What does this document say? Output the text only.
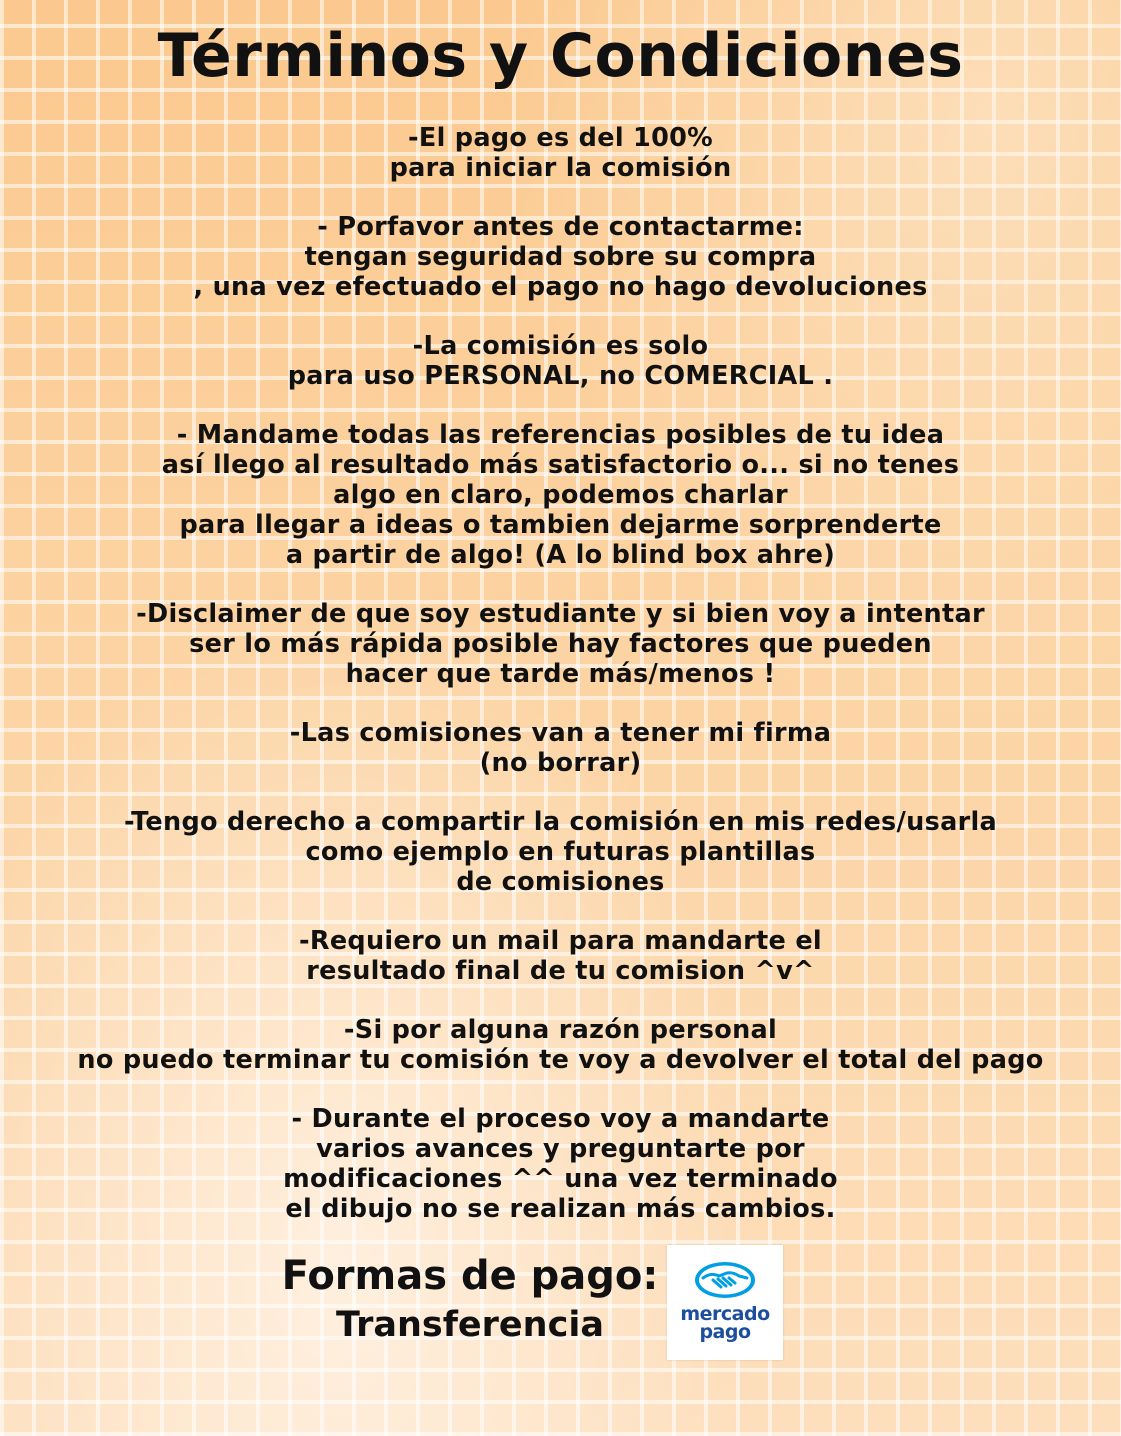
Términos y Condiciones
-El pago es del 100%
para iniciar la comisión
- Porfavor antes de contactarme:
tengan seguridad sobre su compra
, una vez efectuado el pago no hago devoluciones
-La comisión es solo
para uso PERSONAL, no COMERCIAL .
- Mandame todas las referencias posibles de tu idea
así llego al resultado más satisfactorio o... si no tenes
algo en claro, podemos charlar
para llegar a ideas o tambien dejarme sorprenderte
a partir de algo! (A lo blind box ahre)
-Disclaimer de que soy estudiante y si bien voy a intentar
ser lo más rápida posible hay factores que pueden
hacer que tarde más/menos !
-Las comisiones van a tener mi firma
(no borrar)
-Tengo derecho a compartir la comisión en mis redes/usarla
como ejemplo en futuras plantillas
de comisiones
-Requiero un mail para mandarte el
resultado final de tu comision ^v^
-Si por alguna razón personal
no puedo terminar tu comisión te voy a devolver el total del pago
- Durante el proceso voy a mandarte
varios avances y preguntarte por
modificaciones ^^ una vez terminado
el dibujo no se realizan más cambios.

Formas de pago:

Transferencia	mercado
pago
